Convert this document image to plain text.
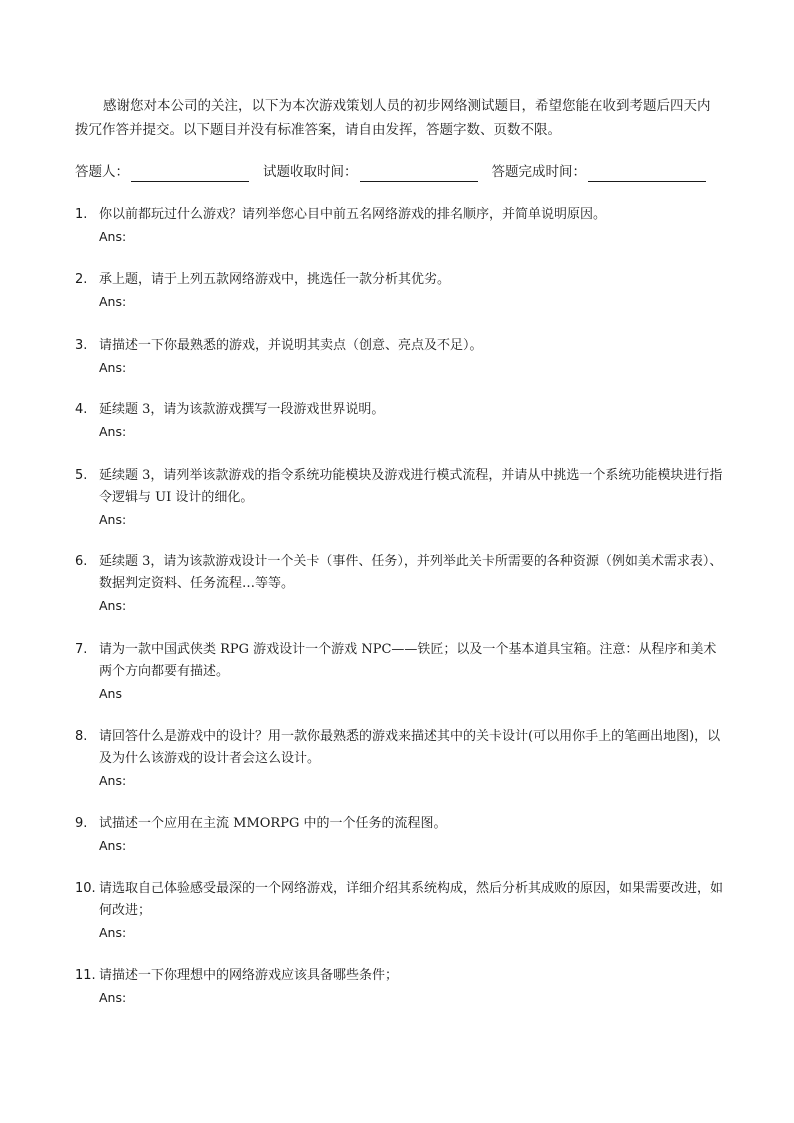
感谢您对本公司的关注，以下为本次游戏策划人员的初步网络测试题目，希望您能在收到考题后四天内拨冗作答并提交。以下题目并没有标准答案，请自由发挥，答题字数、页数不限。

答题人：	试题收取时间：	答题完成时间：
1. 你以前都玩过什么游戏？请列举您心目中前五名网络游戏的排名顺序，并简单说明原因。
Ans:
2. 承上题，请于上列五款网络游戏中，挑选任一款分析其优劣。
Ans:
3. 请描述一下你最熟悉的游戏，并说明其卖点（创意、亮点及不足）。
Ans:
4. 延续题 3，请为该款游戏撰写一段游戏世界说明。
Ans:
5. 延续题 3，请列举该款游戏的指令系统功能模块及游戏进行模式流程，并请从中挑选一个系统功能模块进行指令逻辑与 UI 设计的细化。
Ans:
6. 延续题 3，请为该款游戏设计一个关卡（事件、任务），并列举此关卡所需要的各种资源（例如美术需求表）、数据判定资料、任务流程…等等。
Ans:
7. 请为一款中国武侠类 RPG 游戏设计一个游戏 NPC——铁匠；以及一个基本道具宝箱。注意：从程序和美术两个方向都要有描述。
Ans
8. 请回答什么是游戏中的设计？用一款你最熟悉的游戏来描述其中的关卡设计(可以用你手上的笔画出地图)，以及为什么该游戏的设计者会这么设计。
Ans:
9. 试描述一个应用在主流 MMORPG 中的一个任务的流程图。
Ans:
10. 请选取自己体验感受最深的一个网络游戏，详细介绍其系统构成，然后分析其成败的原因，如果需要改进，如何改进；
Ans:
11. 请描述一下你理想中的网络游戏应该具备哪些条件；
Ans:
